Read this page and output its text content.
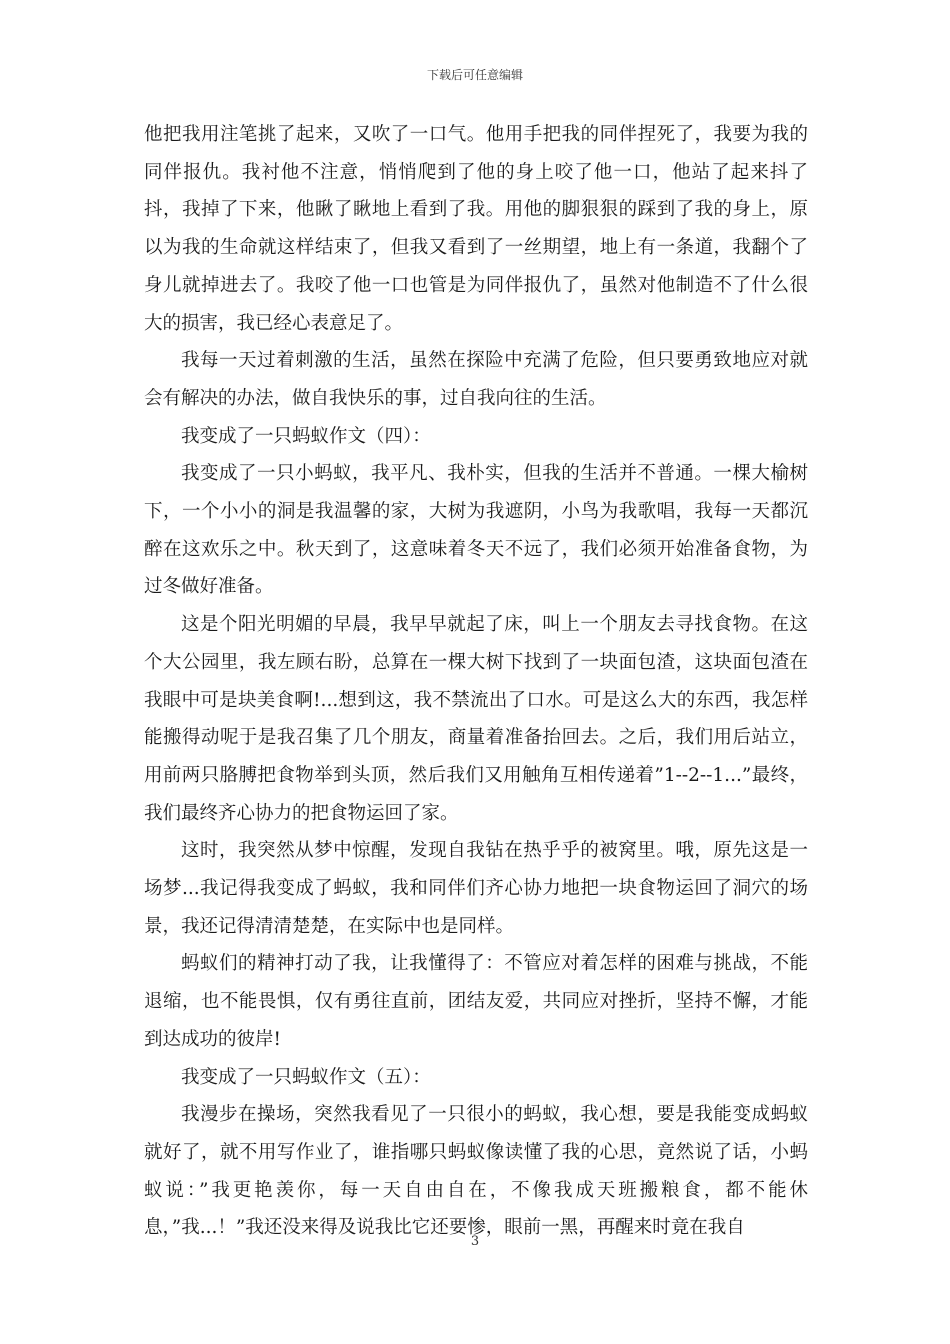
下载后可任意编辑

他把我用注笔挑了起来，又吹了一口气。他用手把我的同伴捏死了，我要为我的同伴报仇。我衬他不注意，悄悄爬到了他的身上咬了他一口，他站了起来抖了抖，我掉了下来，他瞅了瞅地上看到了我。用他的脚狠狠的踩到了我的身上，原以为我的生命就这样结束了，但我又看到了一丝期望，地上有一条道，我翻个了身儿就掉进去了。我咬了他一口也管是为同伴报仇了，虽然对他制造不了什么很大的损害，我已经心表意足了。

我每一天过着刺激的生活，虽然在探险中充满了危险，但只要勇致地应对就会有解决的办法，做自我快乐的事，过自我向往的生活。

我变成了一只蚂蚁作文（四）：

我变成了一只小蚂蚁，我平凡、我朴实，但我的生活并不普通。一棵大榆树下，一个小小的洞是我温馨的家，大树为我遮阴，小鸟为我歌唱，我每一天都沉醉在这欢乐之中。秋天到了，这意味着冬天不远了，我们必须开始准备食物，为过冬做好准备。

这是个阳光明媚的早晨，我早早就起了床，叫上一个朋友去寻找食物。在这个大公园里，我左顾右盼，总算在一棵大树下找到了一块面包渣，这块面包渣在我眼中可是块美食啊!...想到这，我不禁流出了口水。可是这么大的东西，我怎样能搬得动呢于是我召集了几个朋友，商量着准备抬回去。之后，我们用后站立，用前两只胳膊把食物举到头顶，然后我们又用触角互相传递着”1--2--1...”最终，我们最终齐心协力的把食物运回了家。

这时，我突然从梦中惊醒，发现自我钻在热乎乎的被窝里。哦，原先这是一场梦...我记得我变成了蚂蚁，我和同伴们齐心协力地把一块食物运回了洞穴的场景，我还记得清清楚楚，在实际中也是同样。

蚂蚁们的精神打动了我，让我懂得了：不管应对着怎样的困难与挑战，不能退缩，也不能畏惧，仅有勇往直前，团结友爱，共同应对挫折，坚持不懈，才能到达成功的彼岸!

我变成了一只蚂蚁作文（五）：

我漫步在操场，突然我看见了一只很小的蚂蚁，我心想，要是我能变成蚂蚁就好了，就不用写作业了，谁指哪只蚂蚁像读懂了我的心思，竟然说了话，小蚂蚁说：”我更艳羡你，每一天自由自在，不像我成天班搬粮食，都不能休息，”我...！”我还没来得及说我比它还要惨，眼前一黑，再醒来时竟在我自

3
